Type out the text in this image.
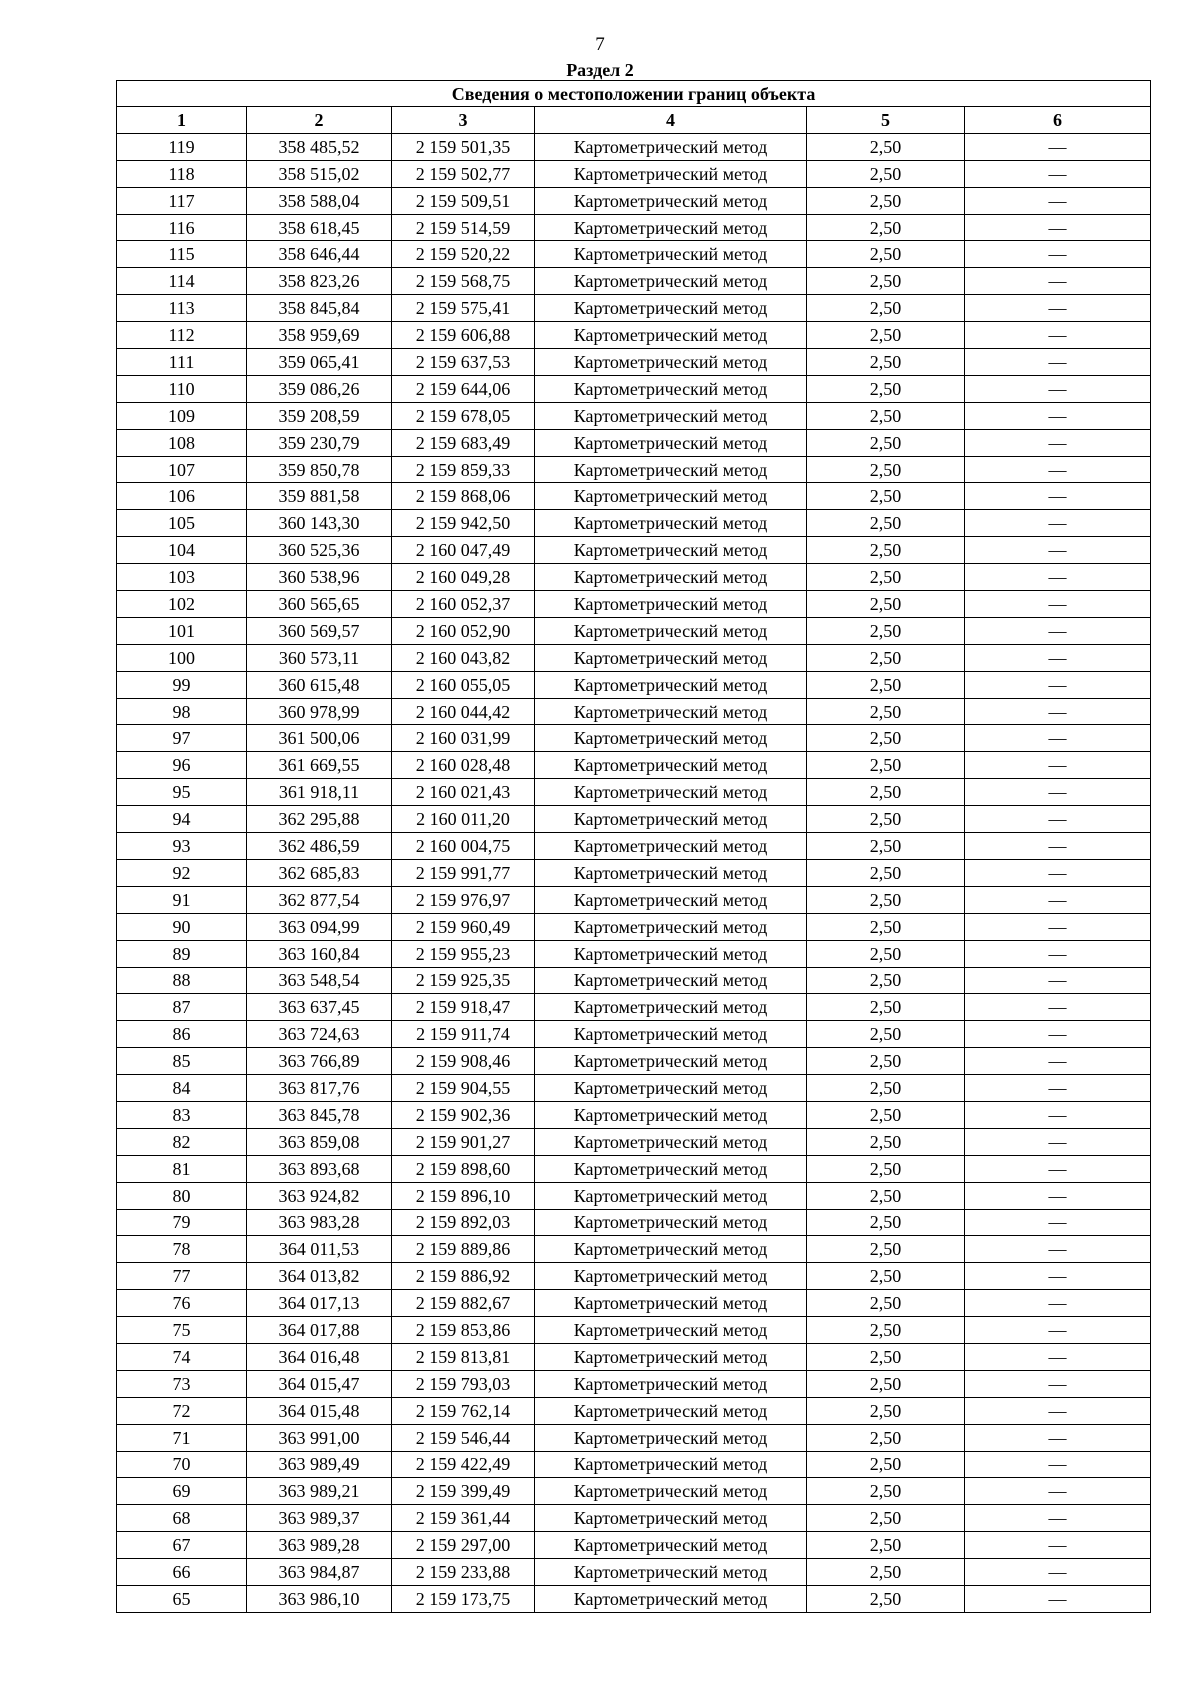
7
Раздел 2
Сведения о местоположении границ объекта					
1	2	3	4	5	6
119	358 485,52	2 159 501,35	Картометрический метод	2,50	—
118	358 515,02	2 159 502,77	Картометрический метод	2,50	—
117	358 588,04	2 159 509,51	Картометрический метод	2,50	—
116	358 618,45	2 159 514,59	Картометрический метод	2,50	—
115	358 646,44	2 159 520,22	Картометрический метод	2,50	—
114	358 823,26	2 159 568,75	Картометрический метод	2,50	—
113	358 845,84	2 159 575,41	Картометрический метод	2,50	—
112	358 959,69	2 159 606,88	Картометрический метод	2,50	—
111	359 065,41	2 159 637,53	Картометрический метод	2,50	—
110	359 086,26	2 159 644,06	Картометрический метод	2,50	—
109	359 208,59	2 159 678,05	Картометрический метод	2,50	—
108	359 230,79	2 159 683,49	Картометрический метод	2,50	—
107	359 850,78	2 159 859,33	Картометрический метод	2,50	—
106	359 881,58	2 159 868,06	Картометрический метод	2,50	—
105	360 143,30	2 159 942,50	Картометрический метод	2,50	—
104	360 525,36	2 160 047,49	Картометрический метод	2,50	—
103	360 538,96	2 160 049,28	Картометрический метод	2,50	—
102	360 565,65	2 160 052,37	Картометрический метод	2,50	—
101	360 569,57	2 160 052,90	Картометрический метод	2,50	—
100	360 573,11	2 160 043,82	Картометрический метод	2,50	—
99	360 615,48	2 160 055,05	Картометрический метод	2,50	—
98	360 978,99	2 160 044,42	Картометрический метод	2,50	—
97	361 500,06	2 160 031,99	Картометрический метод	2,50	—
96	361 669,55	2 160 028,48	Картометрический метод	2,50	—
95	361 918,11	2 160 021,43	Картометрический метод	2,50	—
94	362 295,88	2 160 011,20	Картометрический метод	2,50	—
93	362 486,59	2 160 004,75	Картометрический метод	2,50	—
92	362 685,83	2 159 991,77	Картометрический метод	2,50	—
91	362 877,54	2 159 976,97	Картометрический метод	2,50	—
90	363 094,99	2 159 960,49	Картометрический метод	2,50	—
89	363 160,84	2 159 955,23	Картометрический метод	2,50	—
88	363 548,54	2 159 925,35	Картометрический метод	2,50	—
87	363 637,45	2 159 918,47	Картометрический метод	2,50	—
86	363 724,63	2 159 911,74	Картометрический метод	2,50	—
85	363 766,89	2 159 908,46	Картометрический метод	2,50	—
84	363 817,76	2 159 904,55	Картометрический метод	2,50	—
83	363 845,78	2 159 902,36	Картометрический метод	2,50	—
82	363 859,08	2 159 901,27	Картометрический метод	2,50	—
81	363 893,68	2 159 898,60	Картометрический метод	2,50	—
80	363 924,82	2 159 896,10	Картометрический метод	2,50	—
79	363 983,28	2 159 892,03	Картометрический метод	2,50	—
78	364 011,53	2 159 889,86	Картометрический метод	2,50	—
77	364 013,82	2 159 886,92	Картометрический метод	2,50	—
76	364 017,13	2 159 882,67	Картометрический метод	2,50	—
75	364 017,88	2 159 853,86	Картометрический метод	2,50	—
74	364 016,48	2 159 813,81	Картометрический метод	2,50	—
73	364 015,47	2 159 793,03	Картометрический метод	2,50	—
72	364 015,48	2 159 762,14	Картометрический метод	2,50	—
71	363 991,00	2 159 546,44	Картометрический метод	2,50	—
70	363 989,49	2 159 422,49	Картометрический метод	2,50	—
69	363 989,21	2 159 399,49	Картометрический метод	2,50	—
68	363 989,37	2 159 361,44	Картометрический метод	2,50	—
67	363 989,28	2 159 297,00	Картометрический метод	2,50	—
66	363 984,87	2 159 233,88	Картометрический метод	2,50	—
65	363 986,10	2 159 173,75	Картометрический метод	2,50	—
